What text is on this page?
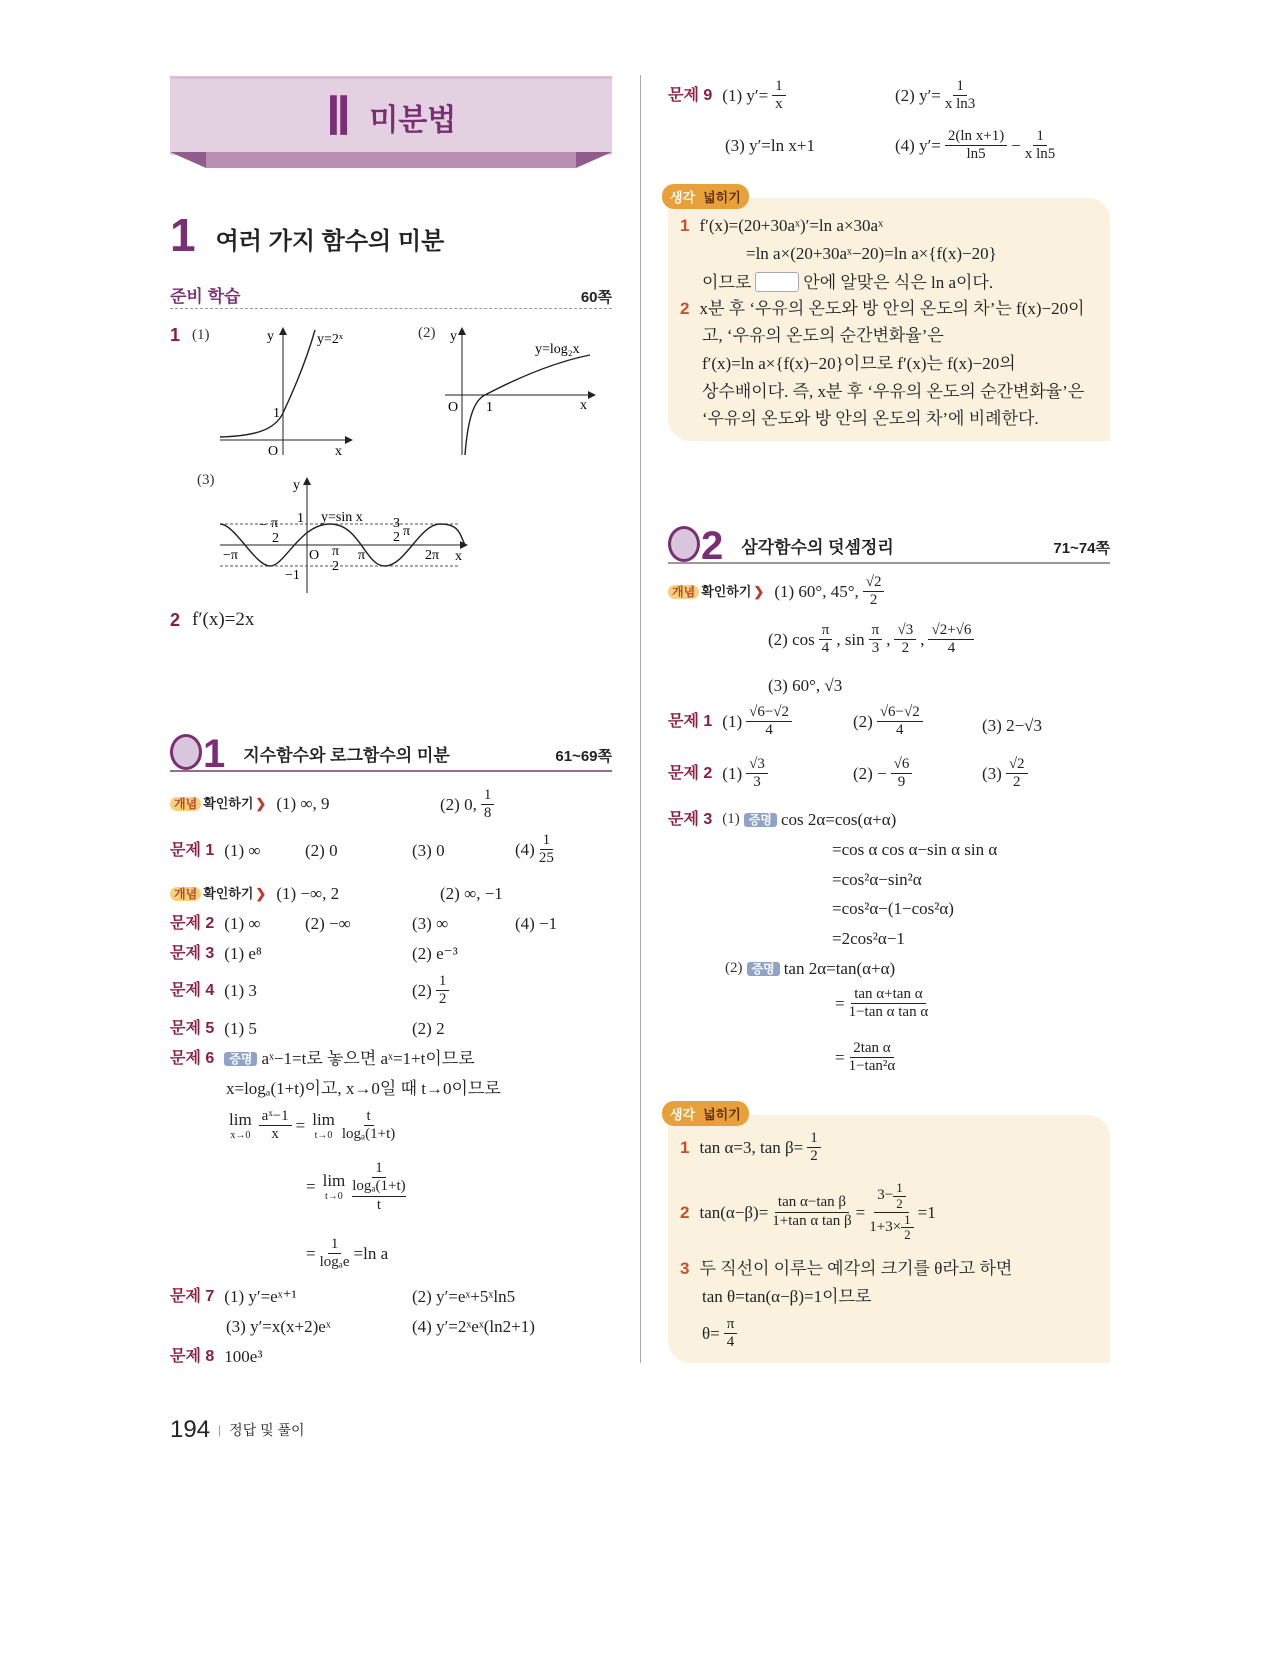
Ⅱ 미분법
1 여러 가지 함수의 미분
준비 학습	60쪽
1 (1)	(2)
(3)
y
x
O
1
y=2ˣ	y
x
O 1
y=log₂x
y
x
O
1
−1
y=sin x
−π	π	2π
− π
2
π
2
3
2 π
2 f′(x)=2x
1 지수함수와 로그함수의 미분	61~69쪽
개념 확인하기 ❯ (1) ∞, 9	(2) 0, $\frac{1}{8}$
문제 1 (1) ∞	(2) 0	(3) 0	$(4) \frac{1}{25}$
개념 확인하기 ❯ (1) −∞, 2	(2) ∞, −1
문제 2 (1) ∞	(2) −∞	(3) ∞	(4) −1
문제 3 (1) e⁸	(2) e⁻³
문제 4 (1) 3	$(2) \frac{1}{2}$
문제 5 (1) 5	(2) 2
문제 6	증명 aˣ−1=t로 놓으면 aˣ=1+t이므로
x=logₐ(1+t)이고, x→0일 때 t→0이므로
lim
$x\to 0 \frac{\text{aˣ−1}}{x} = \lim$
$t\to 0 \frac{t}{\text{logₐ(1+t)}}$
= lim
$t\to 0 \frac{1}{\frac{\text{logₐ(1+t)}}{t}}$
= $\frac{1}{\text{logₐe}} =\ln$ a
문제 7 (1) y′=eˣ⁺¹	(2) y′=eˣ+5ˣln5
(3) y′=x(x+2)eˣ	(4) y′=2ˣeˣ(ln2+1)
문제 8 100e³
194 | 정답 및 풀이
문제 9 (1) $y'= \frac{1}{x}$	(2) $y'= \frac{1}{\text{x ln3}}$
(3) y′=ln x+1	(4) $y'= \frac{\text{2(ln x+1)}}{\ln 5} - \frac{1}{\text{x ln5}}$
생각 넓히기
1 f′(x)=(20+30aˣ)′=ln a×30aˣ
=ln a×(20+30aˣ−20)=ln a×{f(x)−20}
이므로	안에 알맞은 식은 ln a이다.
2 x분 후 ‘우유의 온도와 방 안의 온도의 차’는 f(x)−20이
고, ‘우유의 온도의 순간변화율’은
f′(x)=ln a×{f(x)−20}이므로 f′(x)는 f(x)−20의
상수배이다. 즉, x분 후 ‘우유의 온도의 순간변화율’은
‘우유의 온도와 방 안의 온도의 차’에 비례한다.
2 삼각함수의 덧셈정리	71~74쪽
개념 확인하기 ❯ (1) 60°, 45°, $\frac{√2}{2}$
(2) $\cos \frac{\pi}{4}$ , $\sin \frac{\pi}{3}$ , $\frac{√3}{2}$ , $\frac{√2+√6}{4}$
(3) 60°, √3
문제 1 $(1) \frac{√6-√2}{4}$	$(2) \frac{√6-√2}{4}$	(3) 2−√3
문제 2 $(1) \frac{√3}{3}$	$(2) - \frac{√6}{9}$	$(3) \frac{√2}{2}$
문제 3 (1) 증명 cos 2α=cos(α+α)
=cos α cos α−sin α sin α
=cos²α−sin²α
=cos²α−(1−cos²α)
=2cos²α−1
(2) 증명 tan 2α=tan(α+α)
= $\frac{\text{tan α+tan α}}{\text{1−tan α tan α}}$
= $\frac{\text{2tan α}}{\text{1−tan²α}}$
생각 넓히기
1 tan α=3, $\tan \beta= \frac{1}{2}$
2 $\tan(\alpha-\beta)= \frac{\text{tan α−tan β}}{\text{1+tan α tan β}} = \frac{3- \frac{1}{2}}{1+3\times \frac{1}{2}} =1$
3 두 직선이 이루는 예각의 크기를 θ라고 하면
tan θ=tan(α−β)=1이므로
$\theta= \frac{\pi}{4}$
